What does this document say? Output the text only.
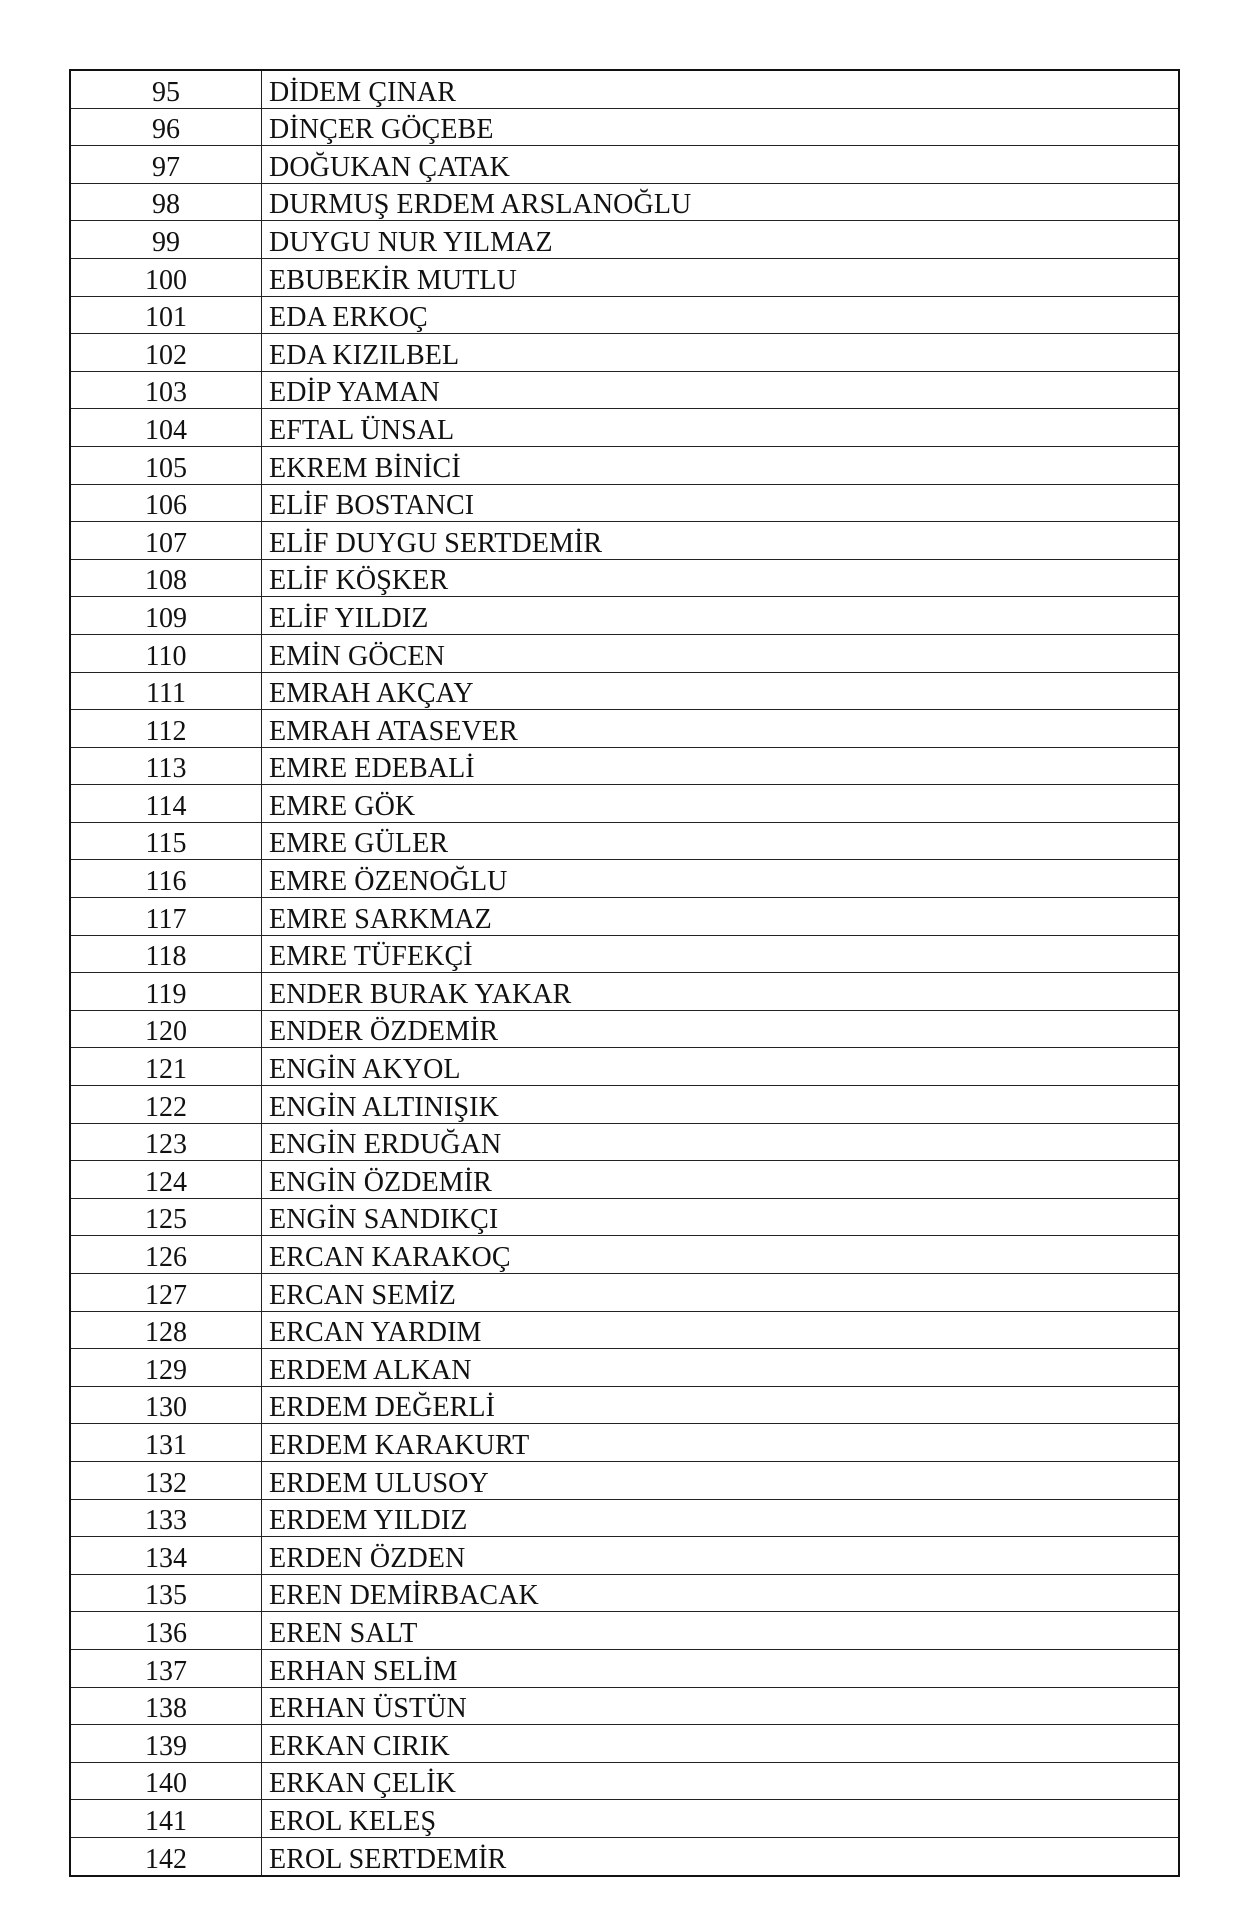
95	DİDEM ÇINAR
96	DİNÇER GÖÇEBE
97	DOĞUKAN ÇATAK
98	DURMUŞ ERDEM ARSLANOĞLU
99	DUYGU NUR YILMAZ
100	EBUBEKİR MUTLU
101	EDA ERKOÇ
102	EDA KIZILBEL
103	EDİP YAMAN
104	EFTAL ÜNSAL
105	EKREM BİNİCİ
106	ELİF BOSTANCI
107	ELİF DUYGU SERTDEMİR
108	ELİF KÖŞKER
109	ELİF YILDIZ
110	EMİN GÖCEN
111	EMRAH AKÇAY
112	EMRAH ATASEVER
113	EMRE EDEBALİ
114	EMRE GÖK
115	EMRE GÜLER
116	EMRE ÖZENOĞLU
117	EMRE SARKMAZ
118	EMRE TÜFEKÇİ
119	ENDER BURAK YAKAR
120	ENDER ÖZDEMİR
121	ENGİN AKYOL
122	ENGİN ALTINIŞIK
123	ENGİN ERDUĞAN
124	ENGİN ÖZDEMİR
125	ENGİN SANDIKÇI
126	ERCAN KARAKOÇ
127	ERCAN SEMİZ
128	ERCAN YARDIM
129	ERDEM ALKAN
130	ERDEM DEĞERLİ
131	ERDEM KARAKURT
132	ERDEM ULUSOY
133	ERDEM YILDIZ
134	ERDEN ÖZDEN
135	EREN DEMİRBACAK
136	EREN SALT
137	ERHAN SELİM
138	ERHAN ÜSTÜN
139	ERKAN CIRIK
140	ERKAN ÇELİK
141	EROL KELEŞ
142	EROL SERTDEMİR
